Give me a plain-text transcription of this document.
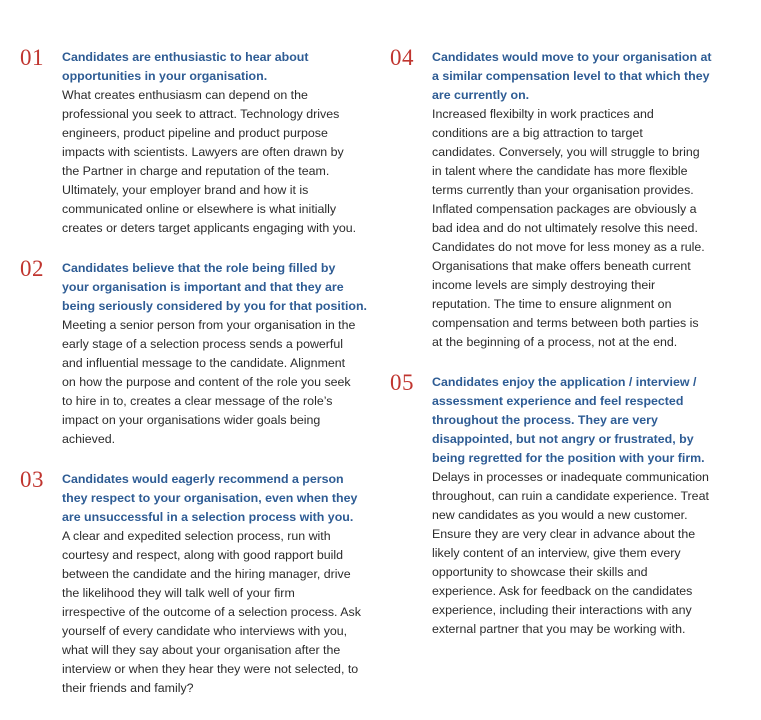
01 Candidates are enthusiastic to hear about
opportunities in your organisation.
What creates enthusiasm can depend on the
professional you seek to attract. Technology drives
engineers, product pipeline and product purpose
impacts with scientists. Lawyers are often drawn by
the Partner in charge and reputation of the team.
Ultimately, your employer brand and how it is
communicated online or elsewhere is what initially
creates or deters target applicants engaging with you.
02 Candidates believe that the role being filled by
your organisation is important and that they are
being seriously considered by you for that position.
Meeting a senior person from your organisation in the
early stage of a selection process sends a powerful
and influential message to the candidate. Alignment
on how the purpose and content of the role you seek
to hire in to, creates a clear message of the role’s
impact on your organisations wider goals being
achieved.
03 Candidates would eagerly recommend a person
they respect to your organisation, even when they
are unsuccessful in a selection process with you.
A clear and expedited selection process, run with
courtesy and respect, along with good rapport build
between the candidate and the hiring manager, drive
the likelihood they will talk well of your firm
irrespective of the outcome of a selection process. Ask
yourself of every candidate who interviews with you,
what will they say about your organisation after the
interview or when they hear they were not selected, to
their friends and family?
04 Candidates would move to your organisation at
a similar compensation level to that which they
are currently on.
Increased flexibilty in work practices and
conditions are a big attraction to target
candidates. Conversely, you will struggle to bring
in talent where the candidate has more flexible
terms currently than your organisation provides.
Inflated compensation packages are obviously a
bad idea and do not ultimately resolve this need.
Candidates do not move for less money as a rule.
Organisations that make offers beneath current
income levels are simply destroying their
reputation. The time to ensure alignment on
compensation and terms between both parties is
at the beginning of a process, not at the end.
05 Candidates enjoy the application / interview /
assessment experience and feel respected
throughout the process. They are very
disappointed, but not angry or frustrated, by
being regretted for the position with your firm.
Delays in processes or inadequate communication
throughout, can ruin a candidate experience. Treat
new candidates as you would a new customer.
Ensure they are very clear in advance about the
likely content of an interview, give them every
opportunity to showcase their skills and
experience. Ask for feedback on the candidates
experience, including their interactions with any
external partner that you may be working with.
